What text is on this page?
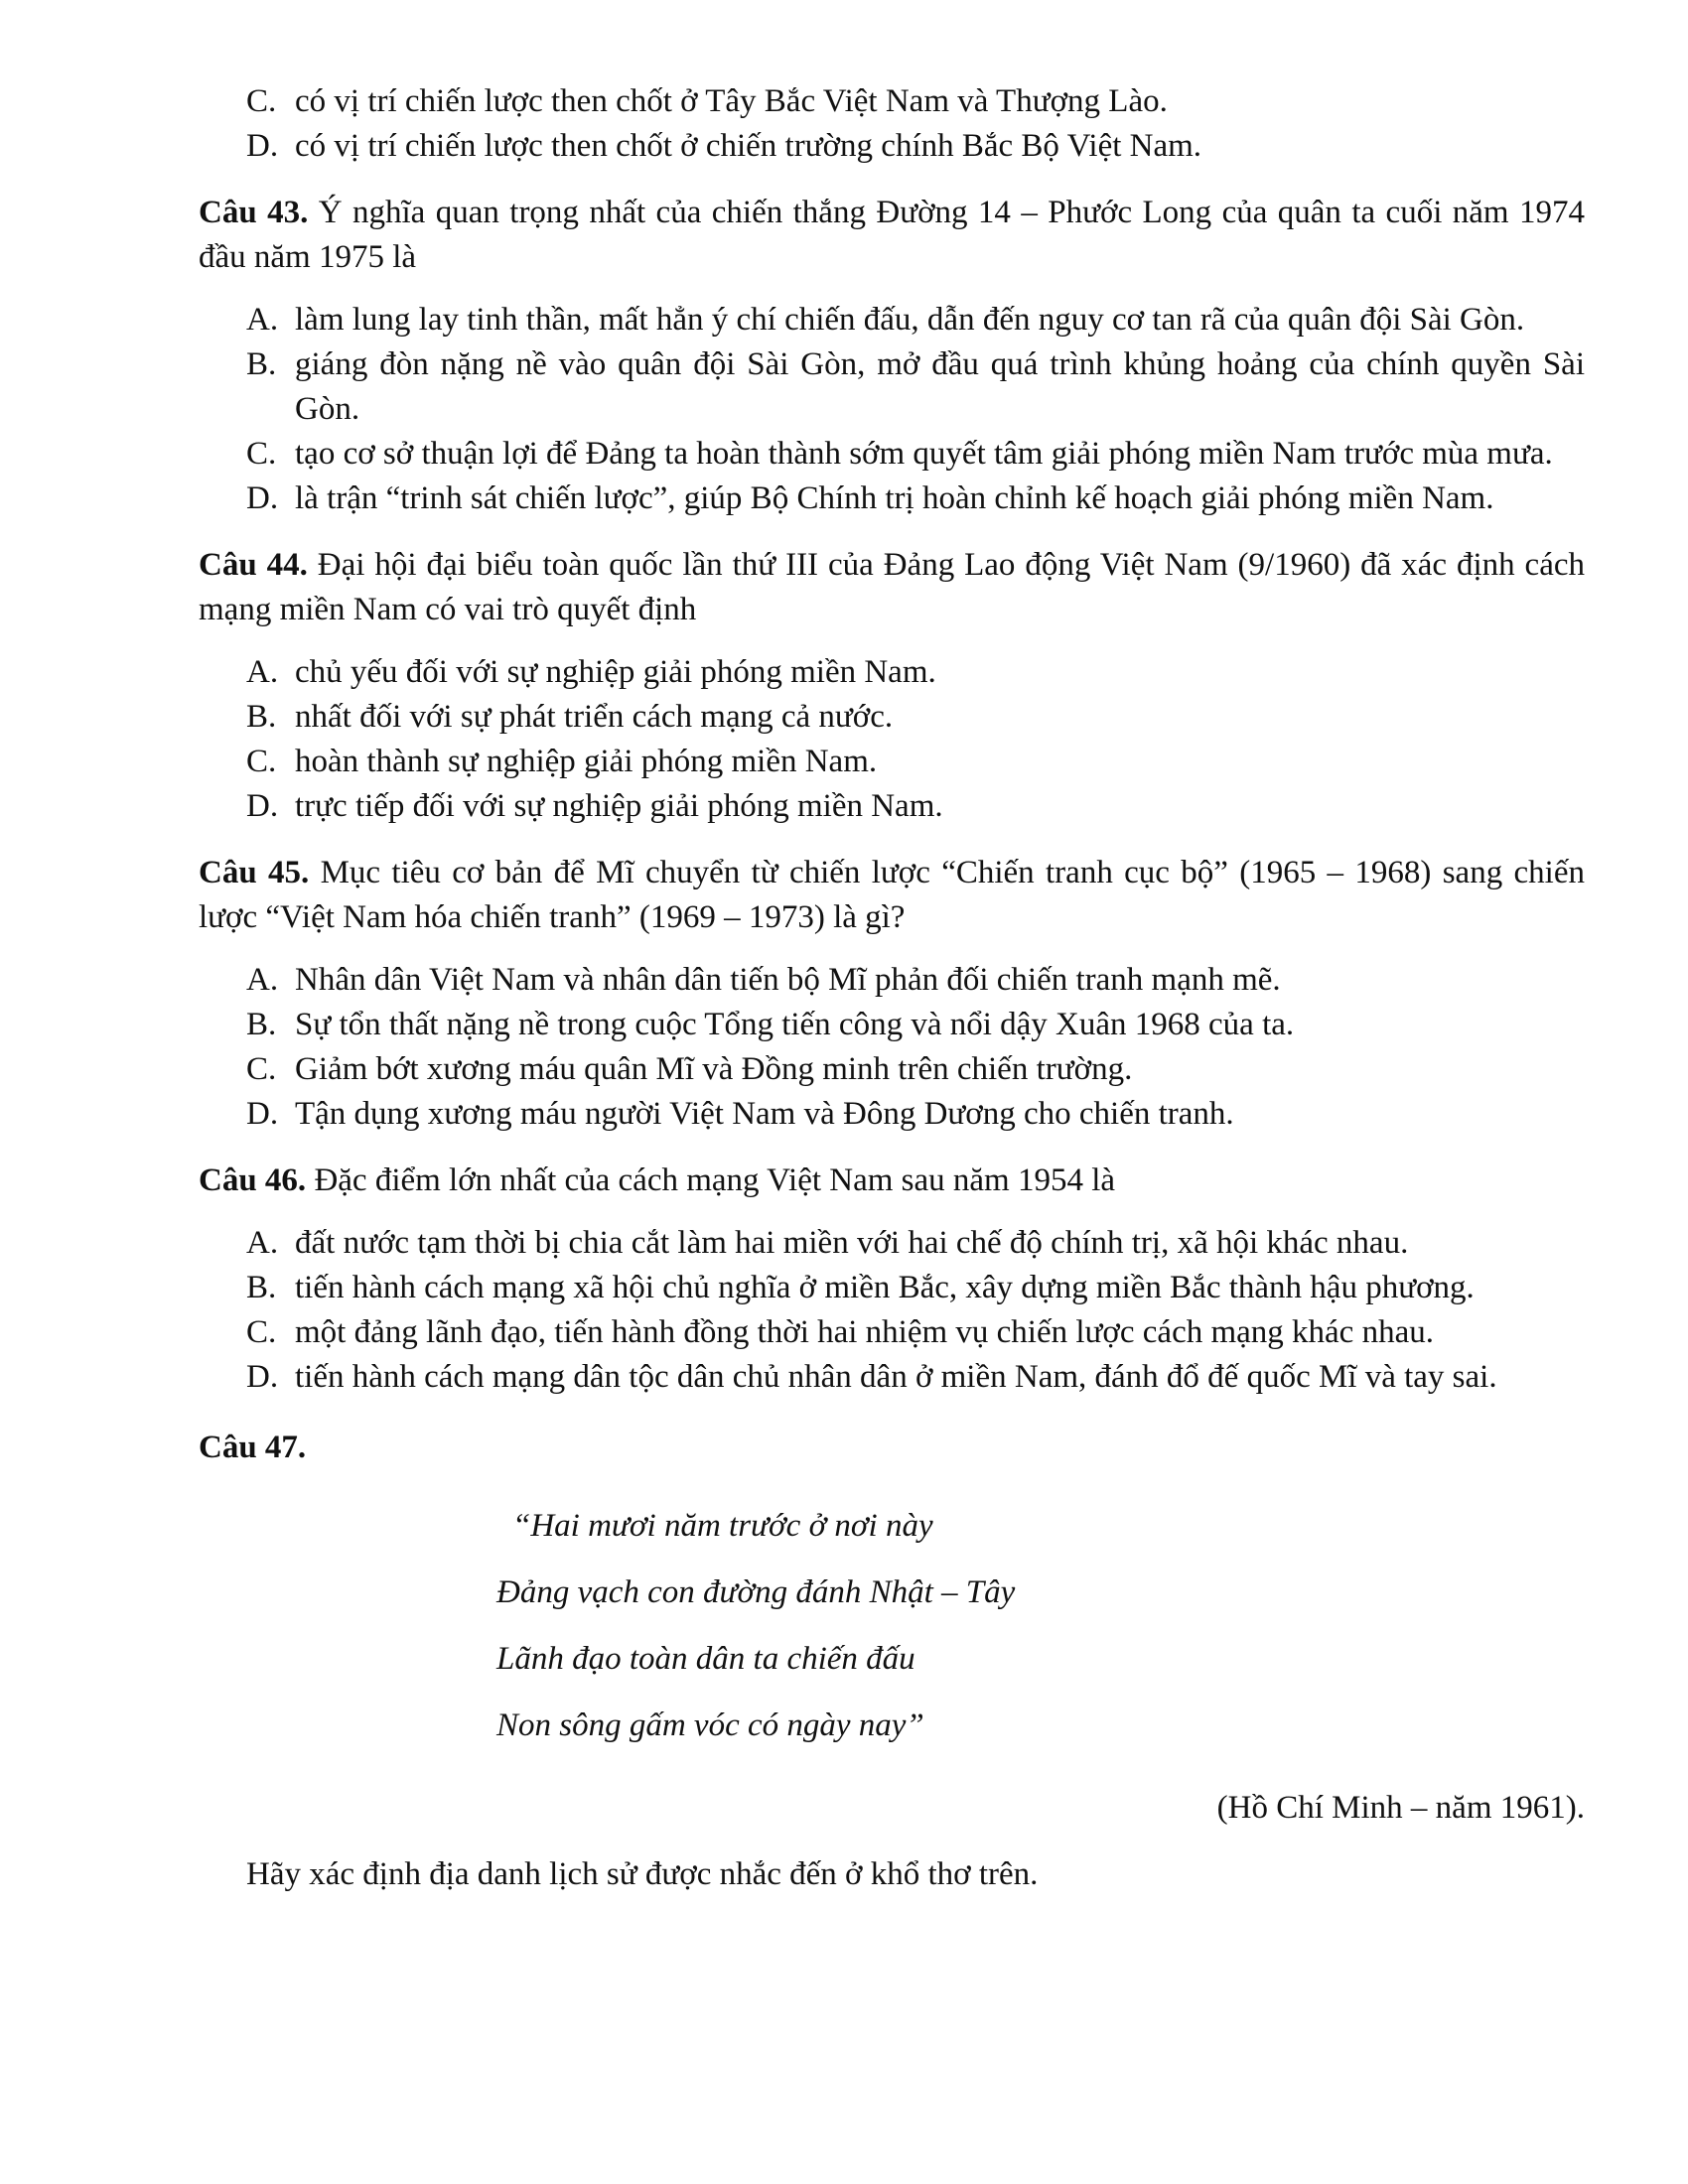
C. có vị trí chiến lược then chốt ở Tây Bắc Việt Nam và Thượng Lào.
D. có vị trí chiến lược then chốt ở chiến trường chính Bắc Bộ Việt Nam.
Câu 43. Ý nghĩa quan trọng nhất của chiến thắng Đường 14 – Phước Long của quân ta cuối năm 1974 đầu năm 1975 là
A. làm lung lay tinh thần, mất hẳn ý chí chiến đấu, dẫn đến nguy cơ tan rã của quân đội Sài Gòn.
B. giáng đòn nặng nề vào quân đội Sài Gòn, mở đầu quá trình khủng hoảng của chính quyền Sài Gòn.
C. tạo cơ sở thuận lợi để Đảng ta hoàn thành sớm quyết tâm giải phóng miền Nam trước mùa mưa.
D. là trận “trinh sát chiến lược”, giúp Bộ Chính trị hoàn chỉnh kế hoạch giải phóng miền Nam.
Câu 44. Đại hội đại biểu toàn quốc lần thứ III của Đảng Lao động Việt Nam (9/1960) đã xác định cách mạng miền Nam có vai trò quyết định
A. chủ yếu đối với sự nghiệp giải phóng miền Nam.
B. nhất đối với sự phát triển cách mạng cả nước.
C. hoàn thành sự nghiệp giải phóng miền Nam.
D. trực tiếp đối với sự nghiệp giải phóng miền Nam.
Câu 45. Mục tiêu cơ bản để Mĩ chuyển từ chiến lược “Chiến tranh cục bộ” (1965 – 1968) sang chiến lược “Việt Nam hóa chiến tranh” (1969 – 1973) là gì?
A. Nhân dân Việt Nam và nhân dân tiến bộ Mĩ phản đối chiến tranh mạnh mẽ.
B. Sự tổn thất nặng nề trong cuộc Tổng tiến công và nổi dậy Xuân 1968 của ta.
C. Giảm bớt xương máu quân Mĩ và Đồng minh trên chiến trường.
D. Tận dụng xương máu người Việt Nam và Đông Dương cho chiến tranh.
Câu 46. Đặc điểm lớn nhất của cách mạng Việt Nam sau năm 1954 là
A. đất nước tạm thời bị chia cắt làm hai miền với hai chế độ chính trị, xã hội khác nhau.
B. tiến hành cách mạng xã hội chủ nghĩa ở miền Bắc, xây dựng miền Bắc thành hậu phương.
C. một đảng lãnh đạo, tiến hành đồng thời hai nhiệm vụ chiến lược cách mạng khác nhau.
D. tiến hành cách mạng dân tộc dân chủ nhân dân ở miền Nam, đánh đổ đế quốc Mĩ và tay sai.
Câu 47.
“Hai mươi năm trước ở nơi này
Đảng vạch con đường đánh Nhật – Tây
Lãnh đạo toàn dân ta chiến đấu
Non sông gấm vóc có ngày nay”
(Hồ Chí Minh – năm 1961).
Hãy xác định địa danh lịch sử được nhắc đến ở khổ thơ trên.
